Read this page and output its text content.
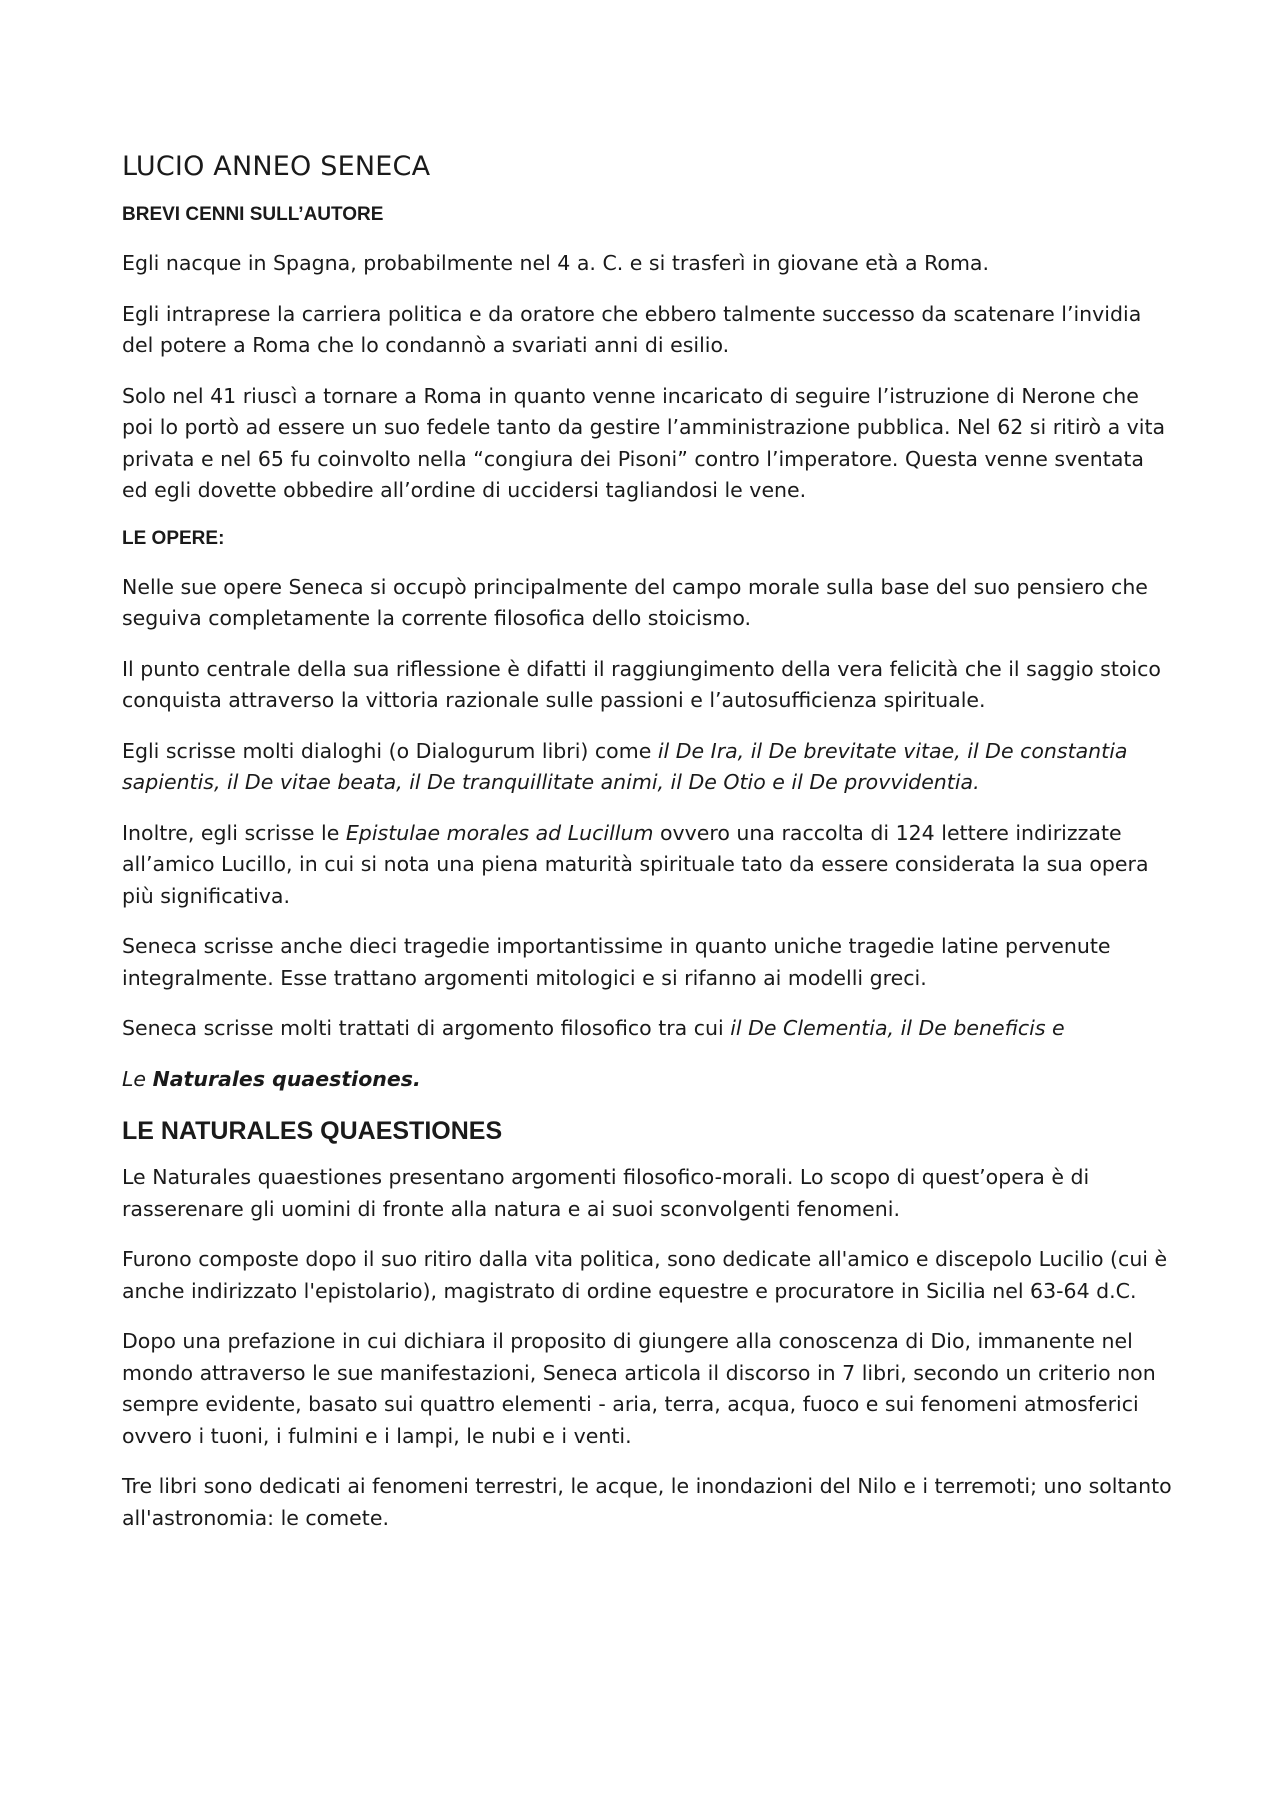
LUCIO ANNEO SENECA
BREVI CENNI SULL’AUTORE

Egli nacque in Spagna, probabilmente nel 4 a. C. e si trasferì in giovane età a Roma.

Egli intraprese la carriera politica e da oratore che ebbero talmente successo da scatenare l’invidia del potere a Roma che lo condannò a svariati anni di esilio.

Solo nel 41 riuscì a tornare a Roma in quanto venne incaricato di seguire l’istruzione di Nerone che poi lo portò ad essere un suo fedele tanto da gestire l’amministrazione pubblica. Nel 62 si ritirò a vita privata e nel 65 fu coinvolto nella “congiura dei Pisoni” contro l’imperatore. Questa venne sventata ed egli dovette obbedire all’ordine di uccidersi tagliandosi le vene.

LE OPERE:

Nelle sue opere Seneca si occupò principalmente del campo morale sulla base del suo pensiero che seguiva completamente la corrente filosofica dello stoicismo.

Il punto centrale della sua riflessione è difatti il raggiungimento della vera felicità che il saggio stoico conquista attraverso la vittoria razionale sulle passioni e l’autosufficienza spirituale.

Egli scrisse molti dialoghi (o Dialogurum libri) come il De Ira, il De brevitate vitae, il De constantia sapientis, il De vitae beata, il De tranquillitate animi, il De Otio e il De provvidentia.

Inoltre, egli scrisse le Epistulae morales ad Lucillum ovvero una raccolta di 124 lettere indirizzate all’amico Lucillo, in cui si nota una piena maturità spirituale tato da essere considerata la sua opera più significativa.

Seneca scrisse anche dieci tragedie importantissime in quanto uniche tragedie latine pervenute integralmente. Esse trattano argomenti mitologici e si rifanno ai modelli greci.

Seneca scrisse molti trattati di argomento filosofico tra cui il De Clementia, il De beneficis e

Le Naturales quaestiones.

LE NATURALES QUAESTIONES

Le Naturales quaestiones presentano argomenti filosofico-morali. Lo scopo di quest’opera è di rasserenare gli uomini di fronte alla natura e ai suoi sconvolgenti fenomeni.

Furono composte dopo il suo ritiro dalla vita politica, sono dedicate all'amico e discepolo Lucilio (cui è anche indirizzato l'epistolario), magistrato di ordine equestre e procuratore in Sicilia nel 63-64 d.C.

Dopo una prefazione in cui dichiara il proposito di giungere alla conoscenza di Dio, immanente nel mondo attraverso le sue manifestazioni, Seneca articola il discorso in 7 libri, secondo un criterio non sempre evidente, basato sui quattro elementi - aria, terra, acqua, fuoco e sui fenomeni atmosferici ovvero i tuoni, i fulmini e i lampi, le nubi e i venti.

Tre libri sono dedicati ai fenomeni terrestri, le acque, le inondazioni del Nilo e i terremoti; uno soltanto all'astronomia: le comete.
